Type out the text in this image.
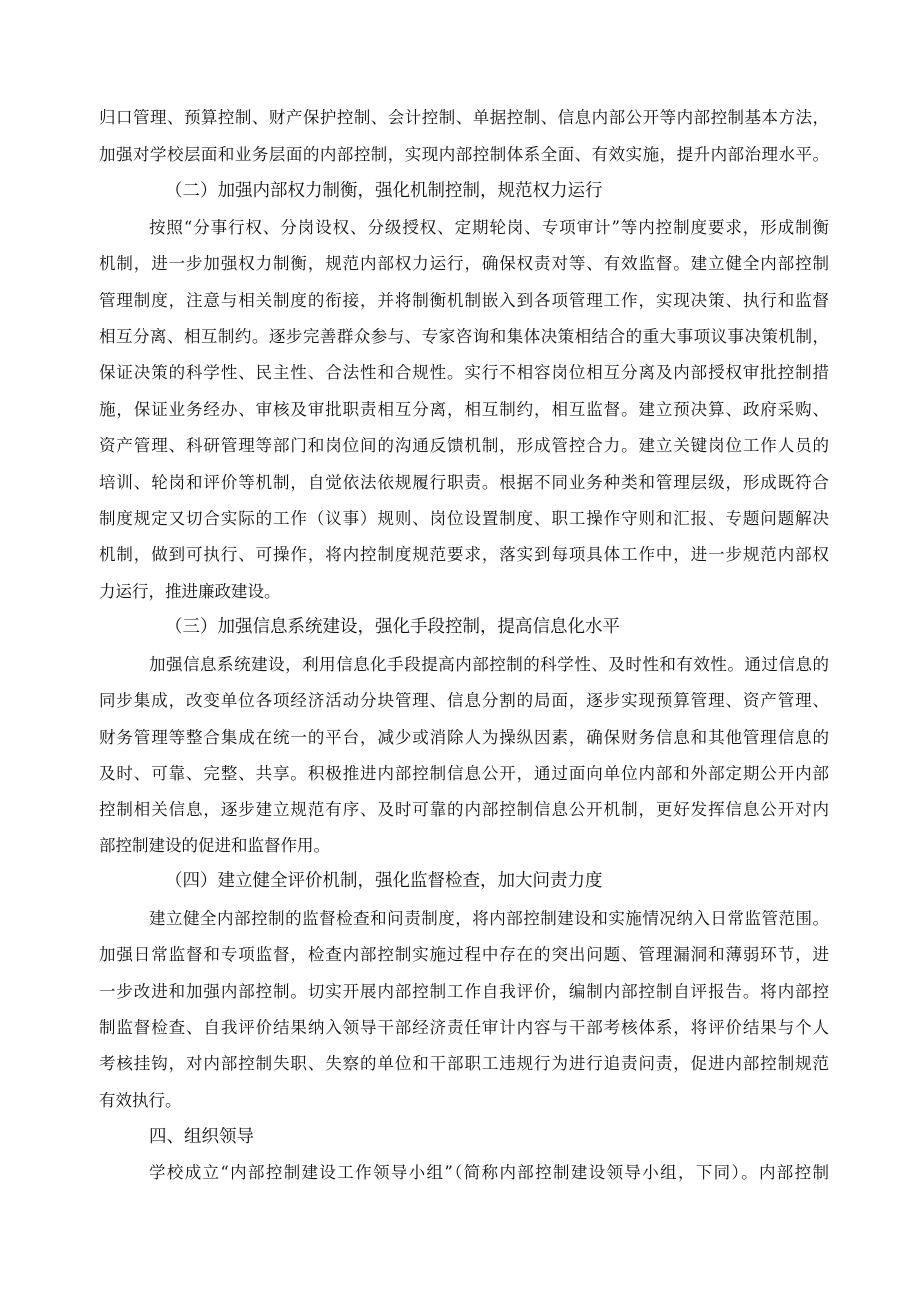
归口管理、预算控制、财产保护控制、会计控制、单据控制、信息内部公开等内部控制基本方法，
加强对学校层面和业务层面的内部控制，实现内部控制体系全面、有效实施，提升内部治理水平。
（二）加强内部权力制衡，强化机制控制，规范权力运行
按照“分事行权、分岗设权、分级授权、定期轮岗、专项审计”等内控制度要求，形成制衡
机制，进一步加强权力制衡，规范内部权力运行，确保权责对等、有效监督。建立健全内部控制
管理制度，注意与相关制度的衔接，并将制衡机制嵌入到各项管理工作，实现决策、执行和监督
相互分离、相互制约。逐步完善群众参与、专家咨询和集体决策相结合的重大事项议事决策机制，
保证决策的科学性、民主性、合法性和合规性。实行不相容岗位相互分离及内部授权审批控制措
施，保证业务经办、审核及审批职责相互分离，相互制约，相互监督。建立预决算、政府采购、
资产管理、科研管理等部门和岗位间的沟通反馈机制，形成管控合力。建立关键岗位工作人员的
培训、轮岗和评价等机制，自觉依法依规履行职责。根据不同业务种类和管理层级，形成既符合
制度规定又切合实际的工作（议事）规则、岗位设置制度、职工操作守则和汇报、专题问题解决
机制，做到可执行、可操作，将内控制度规范要求，落实到每项具体工作中，进一步规范内部权
力运行，推进廉政建设。
（三）加强信息系统建设，强化手段控制，提高信息化水平
加强信息系统建设，利用信息化手段提高内部控制的科学性、及时性和有效性。通过信息的
同步集成，改变单位各项经济活动分块管理、信息分割的局面，逐步实现预算管理、资产管理、
财务管理等整合集成在统一的平台，减少或消除人为操纵因素，确保财务信息和其他管理信息的
及时、可靠、完整、共享。积极推进内部控制信息公开，通过面向单位内部和外部定期公开内部
控制相关信息，逐步建立规范有序、及时可靠的内部控制信息公开机制，更好发挥信息公开对内
部控制建设的促进和监督作用。
（四）建立健全评价机制，强化监督检查，加大问责力度
建立健全内部控制的监督检查和问责制度，将内部控制建设和实施情况纳入日常监管范围。
加强日常监督和专项监督，检查内部控制实施过程中存在的突出问题、管理漏洞和薄弱环节，进
一步改进和加强内部控制。切实开展内部控制工作自我评价，编制内部控制自评报告。将内部控
制监督检查、自我评价结果纳入领导干部经济责任审计内容与干部考核体系，将评价结果与个人
考核挂钩，对内部控制失职、失察的单位和干部职工违规行为进行追责问责，促进内部控制规范
有效执行。
四、组织领导
学校成立“内部控制建设工作领导小组”（简称内部控制建设领导小组，下同）。内部控制
